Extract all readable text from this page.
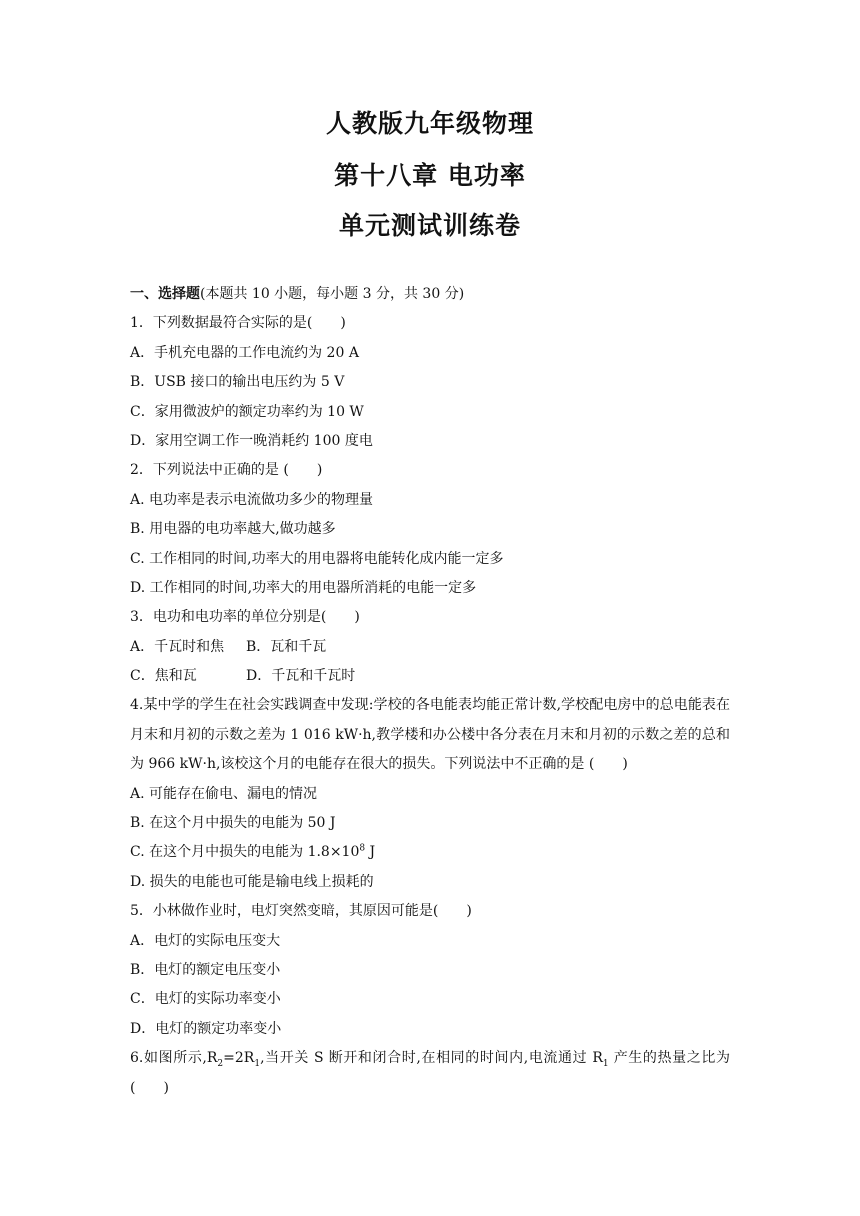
人教版九年级物理
第十八章 电功率
单元测试训练卷
一、选择题(本题共 10 小题，每小题 3 分，共 30 分)
1．下列数据最符合实际的是(　　)
A．手机充电器的工作电流约为 20 A
B．USB 接口的输出电压约为 5 V
C．家用微波炉的额定功率约为 10 W
D．家用空调工作一晚消耗约 100 度电
2．下列说法中正确的是 (　　)
A. 电功率是表示电流做功多少的物理量
B. 用电器的电功率越大,做功越多
C. 工作相同的时间,功率大的用电器将电能转化成内能一定多
D. 工作相同的时间,功率大的用电器所消耗的电能一定多
3．电功和电功率的单位分别是(　　)
A．千瓦时和焦 B．瓦和千瓦
C．焦和瓦	D．千瓦和千瓦时
4.某中学的学生在社会实践调查中发现:学校的各电能表均能正常计数,学校配电房中的总电能表在月末和月初的示数之差为 1 016 kW·h,教学楼和办公楼中各分表在月末和月初的示数之差的总和为 966 kW·h,该校这个月的电能存在很大的损失。下列说法中不正确的是 (　　)
A. 可能存在偷电、漏电的情况
B. 在这个月中损失的电能为 50 J
C. 在这个月中损失的电能为 $1.8\times 10^8$ J
D. 损失的电能也可能是输电线上损耗的
5．小林做作业时，电灯突然变暗，其原因可能是(　　)
A．电灯的实际电压变大
B．电灯的额定电压变小
C．电灯的实际功率变小
D．电灯的额定功率变小
6.如图所示$,R_2=2R_1$,当开关 S 断开和闭合时,在相同的时间内,电流通过 $R_1$ 产生的热量之比为(　　)
